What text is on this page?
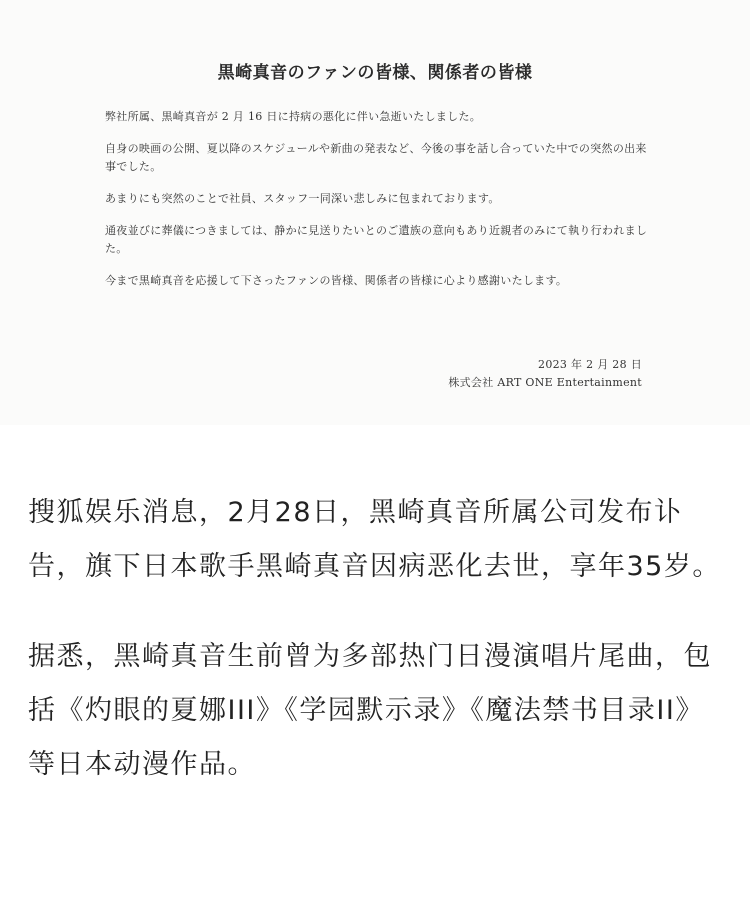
黒崎真音のファンの皆様、関係者の皆様

弊社所属、黒崎真音が 2 月 16 日に持病の悪化に伴い急逝いたしました。

自身の映画の公開、夏以降のスケジュールや新曲の発表など、今後の事を話し合っていた中での突然の出来事でした。

あまりにも突然のことで社員、スタッフ一同深い悲しみに包まれております。

通夜並びに葬儀につきましては、静かに見送りたいとのご遺族の意向もあり近親者のみにて執り行われました。

今まで黒崎真音を応援して下さったファンの皆様、関係者の皆様に心より感謝いたします。

2023 年 2 月 28 日
株式会社 ART ONE Entertainment

搜狐娱乐消息，2月28日，黑崎真音所属公司发布讣告，旗下日本歌手黑崎真音因病恶化去世，享年35岁。

据悉，黑崎真音生前曾为多部热门日漫演唱片尾曲，包括《灼眼的夏娜III》《学园默示录》《魔法禁书目录II》等日本动漫作品。
